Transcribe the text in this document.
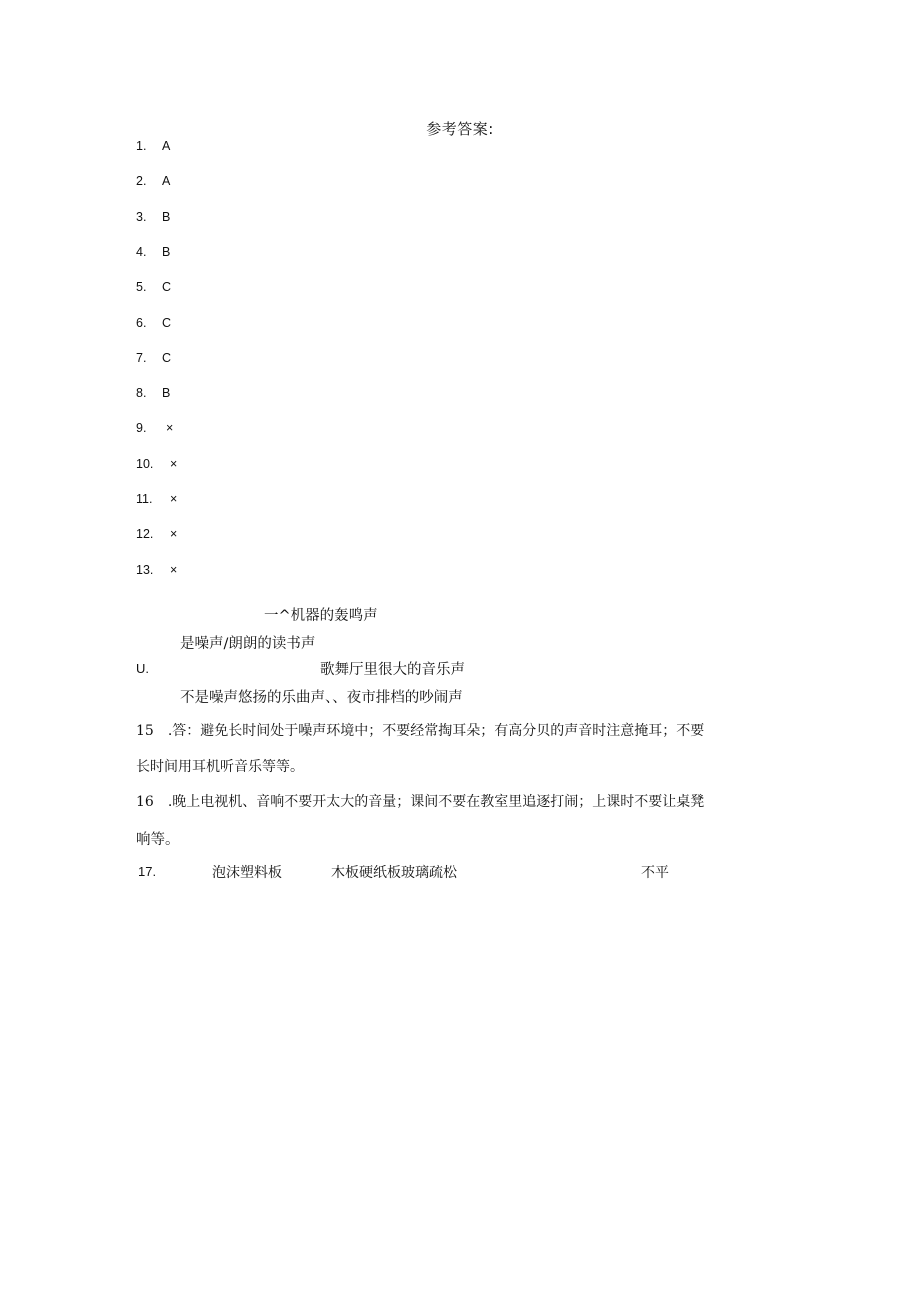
参考答案:
1. A
2. A
3. B
4. B
5. C
6. C
7. C
8. B
9. ×
10. ×
11. ×
12. ×
13. ×
一^机器的轰鸣声
是噪声/朗朗的读书声
U.	歌舞厅里很大的音乐声
不是噪声悠扬的乐曲声、、夜市排档的吵闹声
15　.答：避免长时间处于噪声环境中；不要经常掏耳朵；有高分贝的声音时注意掩耳；不要
长时间用耳机听音乐等等。
16　.晚上电视机、音响不要开太大的音量；课间不要在教室里追逐打闹；上课时不要让桌凳
响等。
17.	泡沫塑料板	木板硬纸板玻璃疏松	不平
